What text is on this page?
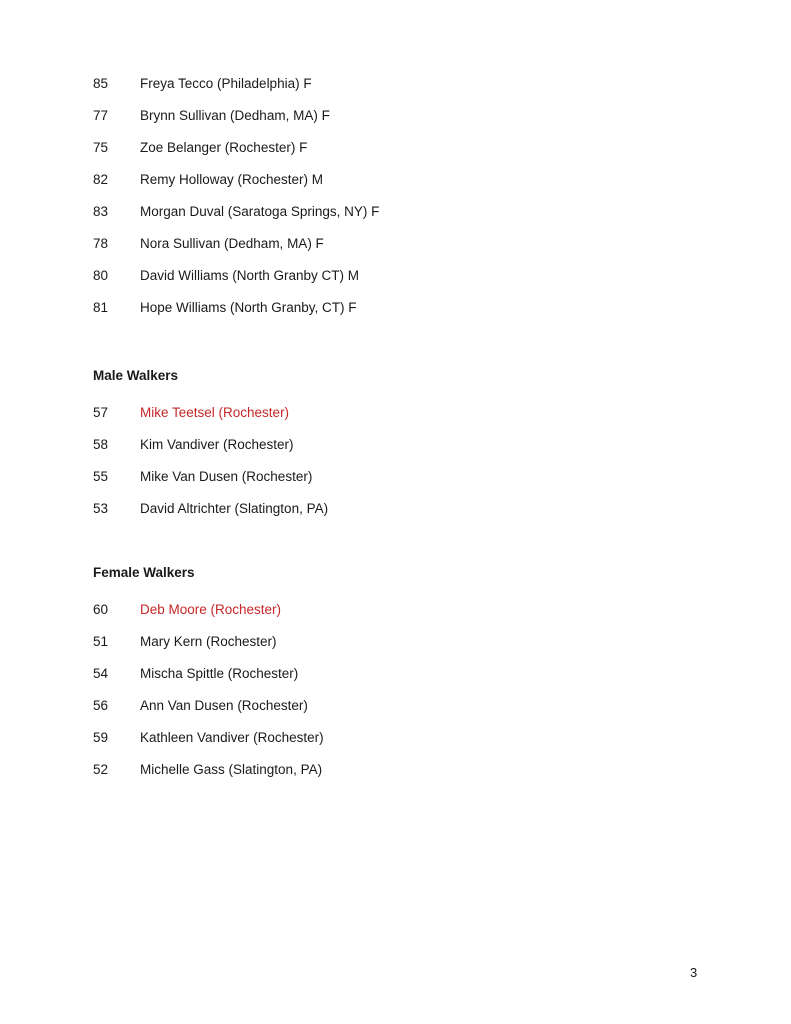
85	Freya Tecco (Philadelphia) F
77	Brynn Sullivan (Dedham, MA) F
75	Zoe Belanger (Rochester) F
82	Remy Holloway (Rochester) M
83	Morgan Duval (Saratoga Springs, NY) F
78	Nora Sullivan (Dedham, MA) F
80	David Williams (North Granby CT) M
81	Hope Williams (North Granby, CT) F
Male Walkers
57	Mike Teetsel (Rochester)
58	Kim Vandiver (Rochester)
55	Mike Van Dusen (Rochester)
53	David Altrichter (Slatington, PA)
Female Walkers
60	Deb Moore (Rochester)
51	Mary Kern (Rochester)
54	Mischa Spittle (Rochester)
56	Ann Van Dusen (Rochester)
59	Kathleen Vandiver (Rochester)
52	Michelle Gass (Slatington, PA)
3
